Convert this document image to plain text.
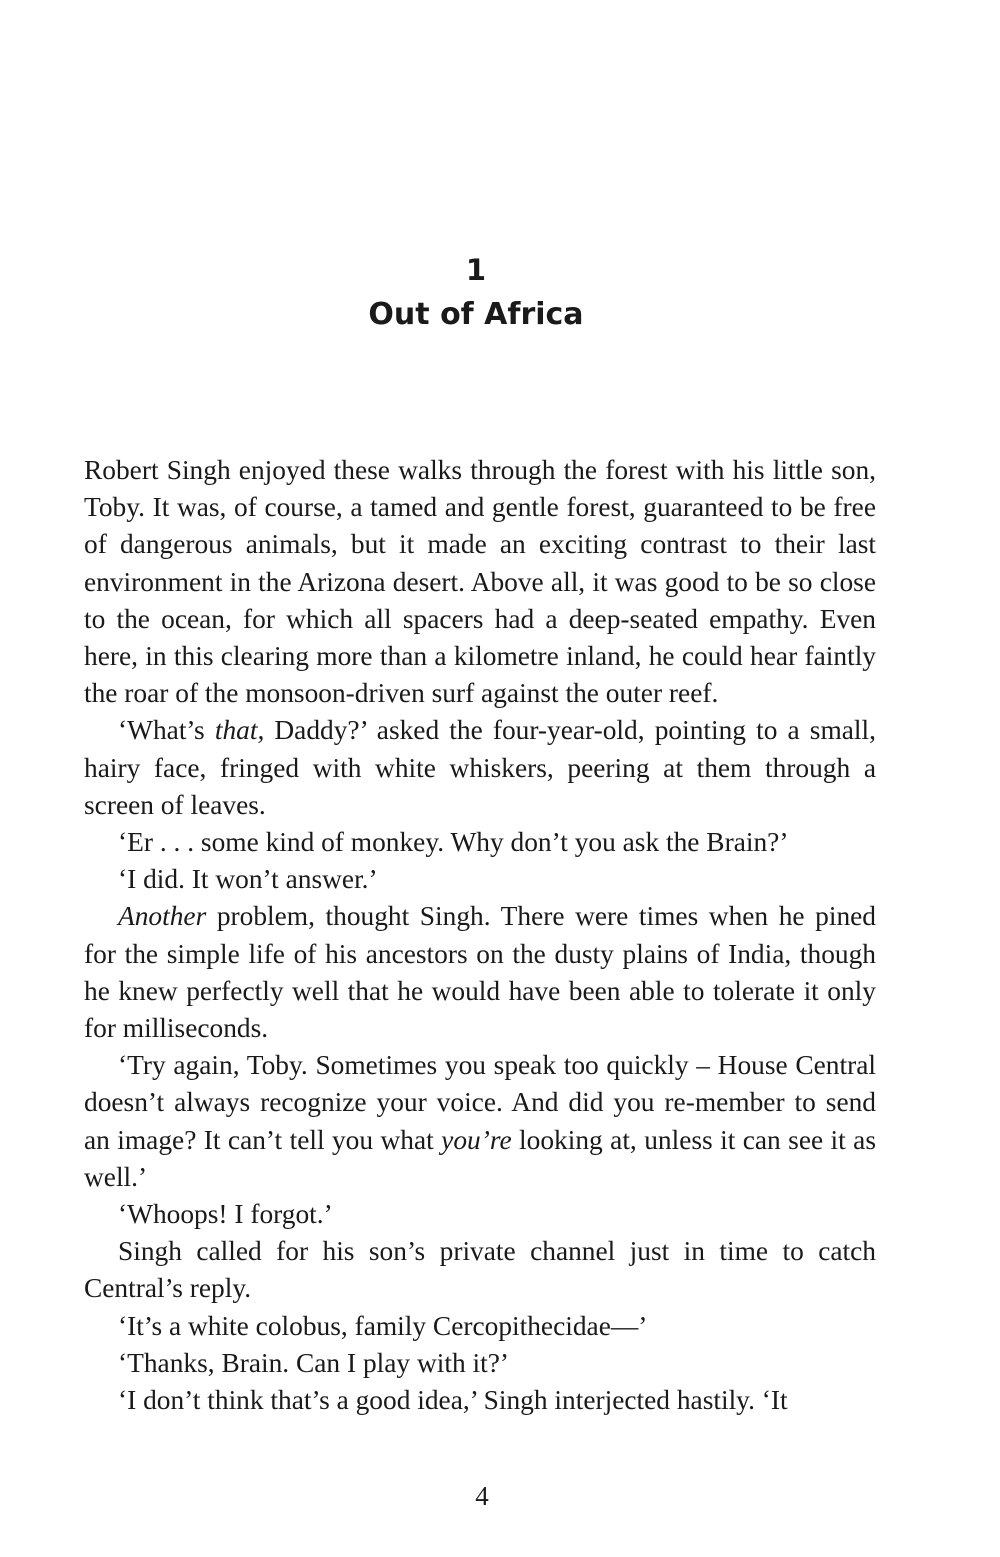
1
Out of Africa

Robert Singh enjoyed these walks through the forest with his little son, Toby. It was, of course, a tamed and gentle forest, guaranteed to be free of dangerous animals, but it made an exciting contrast to their last environment in the Arizona desert. Above all, it was good to be so close to the ocean, for which all spacers had a deep-seated empathy. Even here, in this clearing more than a kilometre inland, he could hear faintly the roar of the monsoon-driven surf against the outer reef.

‘What’s that, Daddy?’ asked the four-year-old, pointing to a small, hairy face, fringed with white whiskers, peering at them through a screen of leaves.

‘Er . . . some kind of monkey. Why don’t you ask the Brain?’

‘I did. It won’t answer.’

Another problem, thought Singh. There were times when he pined for the simple life of his ancestors on the dusty plains of India, though he knew perfectly well that he would have been able to tolerate it only for milliseconds.

‘Try again, Toby. Sometimes you speak too quickly – House Central doesn’t always recognize your voice. And did you re-member to send an image? It can’t tell you what you’re looking at, unless it can see it as well.’

‘Whoops! I forgot.’

Singh called for his son’s private channel just in time to catch Central’s reply.

‘It’s a white colobus, family Cercopithecidae—’

‘Thanks, Brain. Can I play with it?’

‘I don’t think that’s a good idea,’ Singh interjected hastily. ‘It

4
